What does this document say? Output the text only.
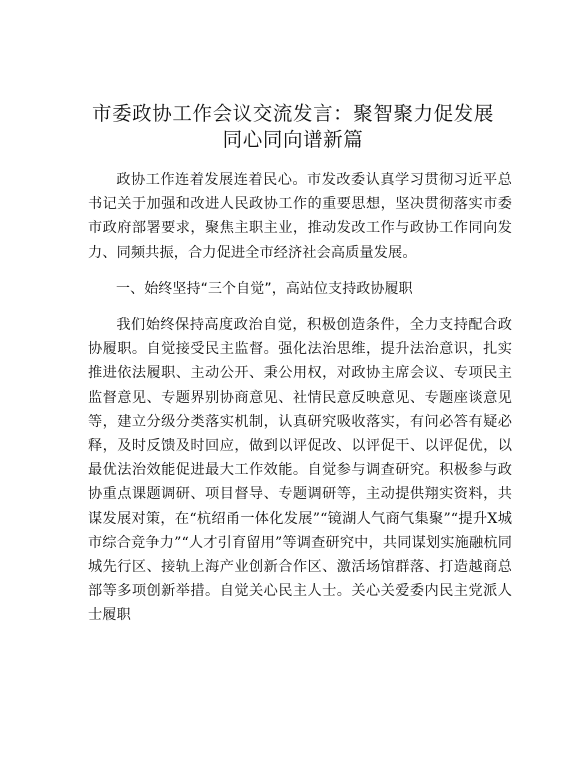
市委政协工作会议交流发言：聚智聚力促发展
同心同向谱新篇

政协工作连着发展连着民心。市发改委认真学习贯彻习近平总书记关于加强和改进人民政协工作的重要思想，坚决贯彻落实市委市政府部署要求，聚焦主职主业，推动发改工作与政协工作同向发力、同频共振，合力促进全市经济社会高质量发展。

一、始终坚持“三个自觉”，高站位支持政协履职

我们始终保持高度政治自觉，积极创造条件，全力支持配合政协履职。自觉接受民主监督。强化法治思维，提升法治意识，扎实推进依法履职、主动公开、秉公用权，对政协主席会议、专项民主监督意见、专题界别协商意见、社情民意反映意见、专题座谈意见等，建立分级分类落实机制，认真研究吸收落实，有问必答有疑必释，及时反馈及时回应，做到以评促改、以评促干、以评促优，以最优法治效能促进最大工作效能。自觉参与调查研究。积极参与政协重点课题调研、项目督导、专题调研等，主动提供翔实资料，共谋发展对策，在“杭绍甬一体化发展”“镜湖人气商气集聚”“提升X城市综合竞争力”“人才引育留用”等调查研究中，共同谋划实施融杭同城先行区、接轨上海产业创新合作区、激活场馆群落、打造越商总部等多项创新举措。自觉关心民主人士。关心关爱委内民主党派人士履职
